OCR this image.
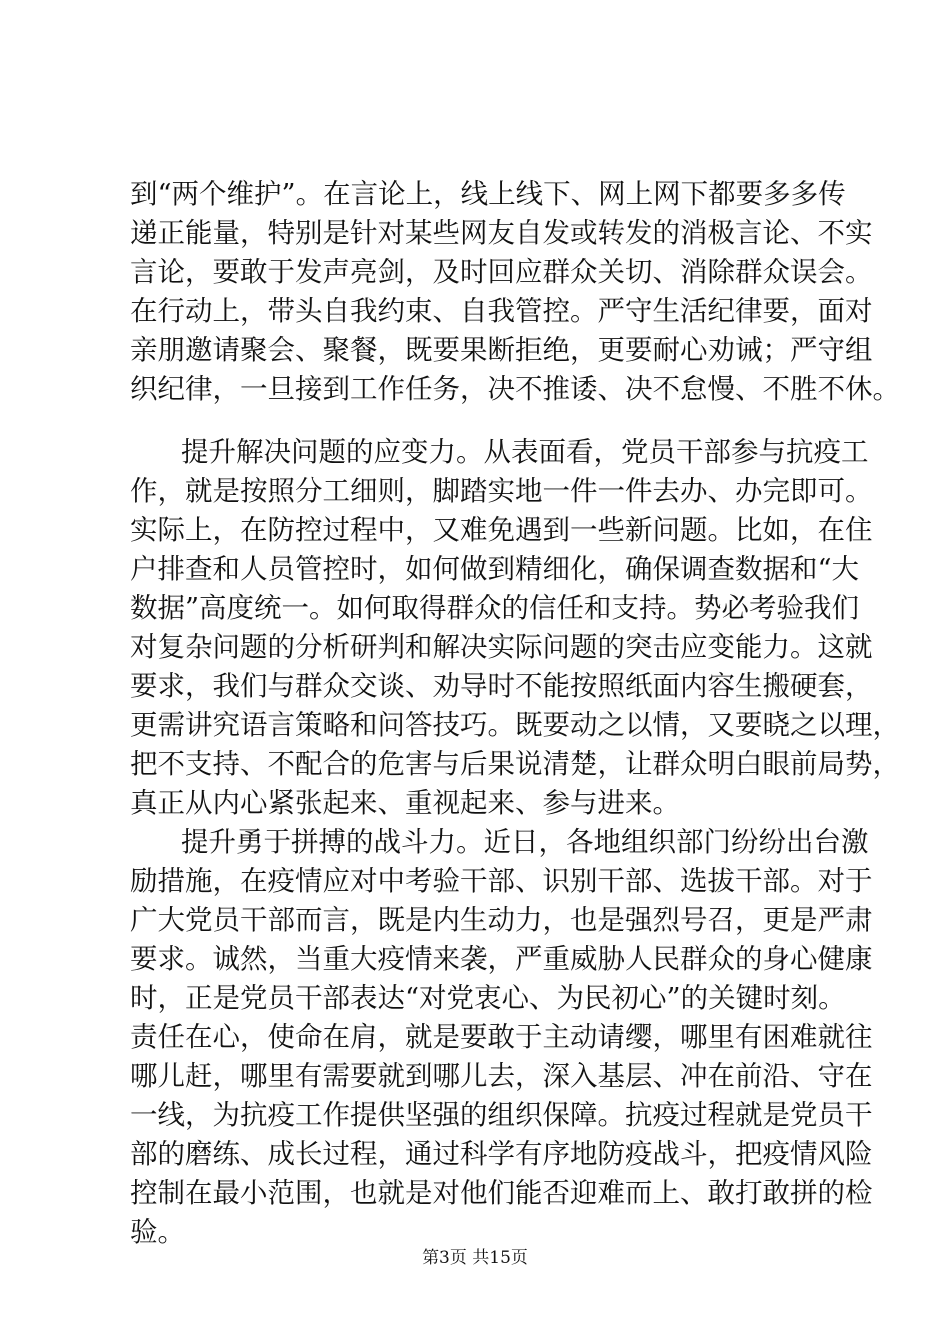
到“两个维护”。在言论上，线上线下、网上网下都要多多传
递正能量，特别是针对某些网友自发或转发的消极言论、不实
言论，要敢于发声亮剑，及时回应群众关切、消除群众误会。
在行动上，带头自我约束、自我管控。严守生活纪律要，面对
亲朋邀请聚会、聚餐，既要果断拒绝，更要耐心劝诫；严守组
织纪律，一旦接到工作任务，决不推诿、决不怠慢、不胜不休。
提升解决问题的应变力。从表面看，党员干部参与抗疫工
作，就是按照分工细则，脚踏实地一件一件去办、办完即可。
实际上，在防控过程中，又难免遇到一些新问题。比如，在住
户排查和人员管控时，如何做到精细化，确保调查数据和“大
数据”高度统一。如何取得群众的信任和支持。势必考验我们
对复杂问题的分析研判和解决实际问题的突击应变能力。这就
要求，我们与群众交谈、劝导时不能按照纸面内容生搬硬套，
更需讲究语言策略和问答技巧。既要动之以情，又要晓之以理，
把不支持、不配合的危害与后果说清楚，让群众明白眼前局势，
真正从内心紧张起来、重视起来、参与进来。
提升勇于拼搏的战斗力。近日，各地组织部门纷纷出台激
励措施，在疫情应对中考验干部、识别干部、选拔干部。对于
广大党员干部而言，既是内生动力，也是强烈号召，更是严肃
要求。诚然，当重大疫情来袭，严重威胁人民群众的身心健康
时，正是党员干部表达“对党衷心、为民初心”的关键时刻。
责任在心，使命在肩，就是要敢于主动请缨，哪里有困难就往
哪儿赶，哪里有需要就到哪儿去，深入基层、冲在前沿、守在
一线，为抗疫工作提供坚强的组织保障。抗疫过程就是党员干
部的磨练、成长过程，通过科学有序地防疫战斗，把疫情风险
控制在最小范围，也就是对他们能否迎难而上、敢打敢拼的检
验。
第3页 共15页
